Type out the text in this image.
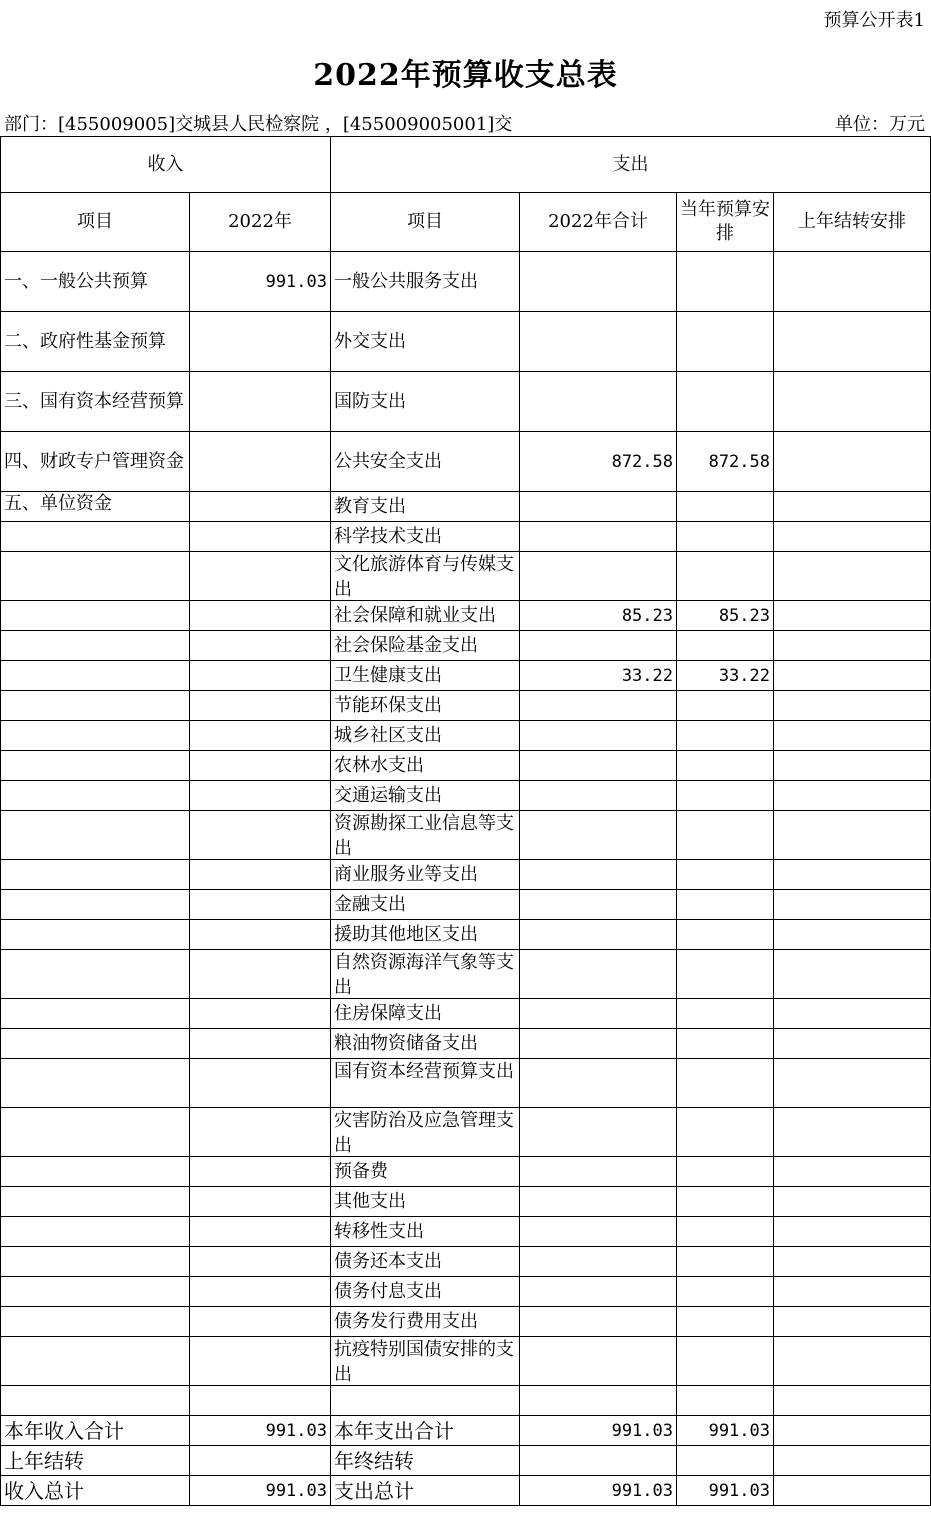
预算公开表1
2022年预算收支总表
部门：[455009005]交城县人民检察院 ，[455009005001]交	单位：万元
收入		支出			
项目	2022年	项目	2022年合计	当年预算安排	上年结转安排
一、一般公共预算	991.03	一般公共服务支出			
二、政府性基金预算		外交支出			
三、国有资本经营预算		国防支出			
四、财政专户管理资金		公共安全支出	872.58	872.58	
五、单位资金		教育支出			
		科学技术支出			

		文化旅游体育与传媒支出			

		社会保障和就业支出	85.23	85.23	
		社会保险基金支出			
		卫生健康支出	33.22	33.22	
		节能环保支出			
		城乡社区支出			
		农林水支出			
		交通运输支出			

		资源勘探工业信息等支出			

		商业服务业等支出			
		金融支出			
		援助其他地区支出			

		自然资源海洋气象等支出			

		住房保障支出			
		粮油物资储备支出			

		国有资本经营预算支出			

		灾害防治及应急管理支出			

		预备费			
		其他支出			
		转移性支出			
		债务还本支出			
		债务付息支出			
		债务发行费用支出			

		抗疫特别国债安排的支出			

本年收入合计	991.03	本年支出合计	991.03	991.03	
上年结转		年终结转			
收入总计	991.03	支出总计	991.03	991.03	
